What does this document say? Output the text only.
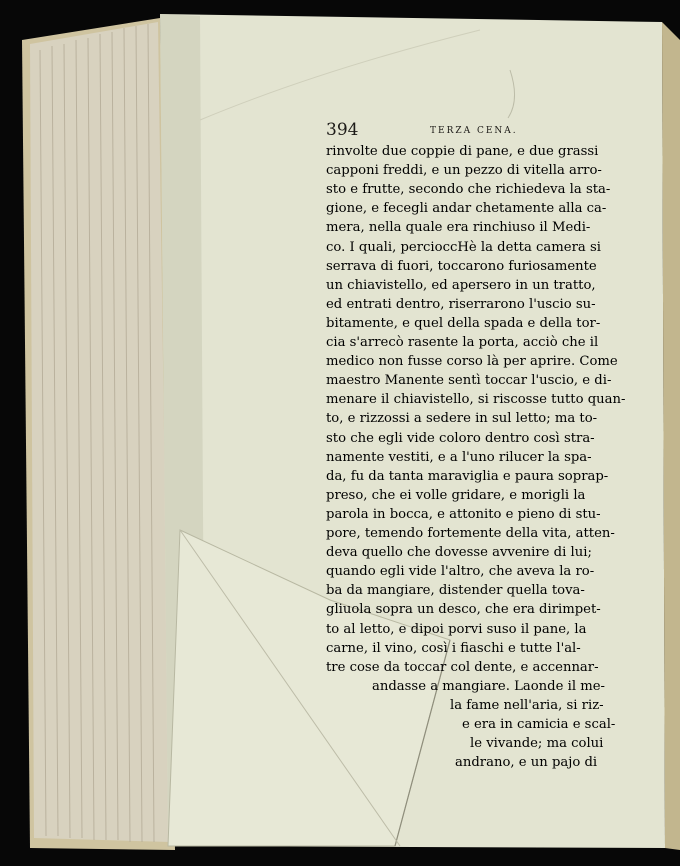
394	TERZA CENA.
rinvolte due coppie di pane, e due grassi
capponi freddi, e un pezzo di vitella arro-
sto e frutte, secondo che richiedeva la sta-
gione, e fecegli andar chetamente alla ca-
mera, nella quale era rinchiuso il Medi-
co. I quali, percioccHè la detta camera si
serrava di fuori, toccarono furiosamente
un chiavistello, ed apersero in un tratto,
ed entrati dentro, riserrarono l'uscio su-
bitamente, e quel della spada e della tor-
cia s'arrecò rasente la porta, acciò che il
medico non fusse corso là per aprire. Come
maestro Manente sentì toccar l'uscio, e di-
menare il chiavistello, si riscosse tutto quan-
to, e rizzossi a sedere in sul letto; ma to-
sto che egli vide coloro dentro così stra-
namente vestiti, e a l'uno rilucer la spa-
da, fu da tanta maraviglia e paura soprap-
preso, che ei volle gridare, e morigli la
parola in bocca, e attonito e pieno di stu-
pore, temendo fortemente della vita, atten-
deva quello che dovesse avvenire di lui;
quando egli vide l'altro, che aveva la ro-
ba da mangiare, distender quella tova-
gliuola sopra un desco, che era dirimpet-
to al letto, e dipoi porvi suso il pane, la
carne, il vino, così i fiaschi e tutte l'al-
tre cose da toccar col dente, e accennar-
andasse a mangiare. Laonde il me-
la fame nell'aria, si riz-
e era in camicia e scal-
le vivande; ma colui
andrano, e un pajo di
